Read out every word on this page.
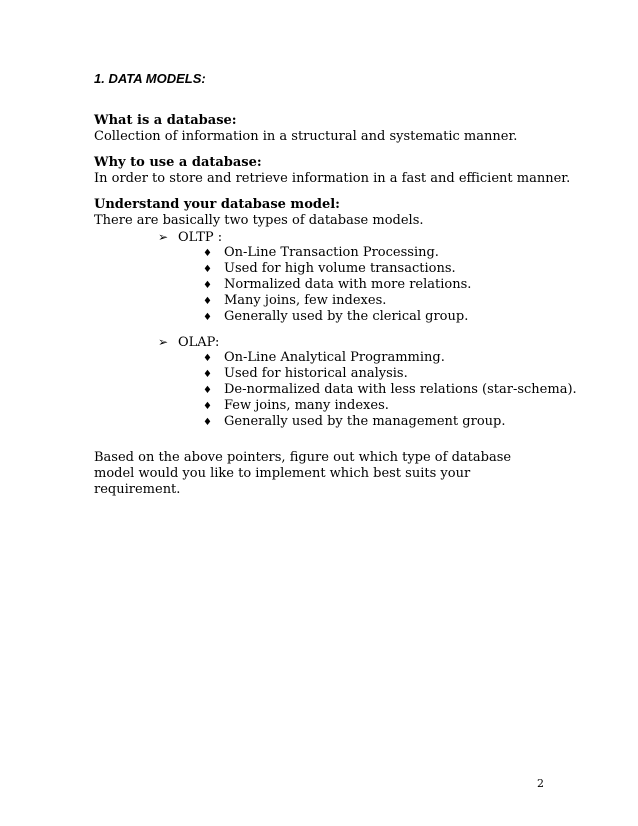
1. DATA MODELS:
What is a database:
Collection of information in a structural and systematic manner.
Why to use a database:
In order to store and retrieve information in a fast and efficient manner.
Understand your database model:
There are basically two types of database models.
➢ OLTP :
♦ On-Line Transaction Processing.
♦ Used for high volume transactions.
♦ Normalized data with more relations.
♦ Many joins, few indexes.
♦ Generally used by the clerical group.
➢ OLAP:
♦ On-Line Analytical Programming.
♦ Used for historical analysis.
♦ De-normalized data with less relations (star-schema).
♦ Few joins, many indexes.
♦ Generally used by the management group.

Based on the above pointers, figure out which type of database model would you like to implement which best suits your requirement.

2
